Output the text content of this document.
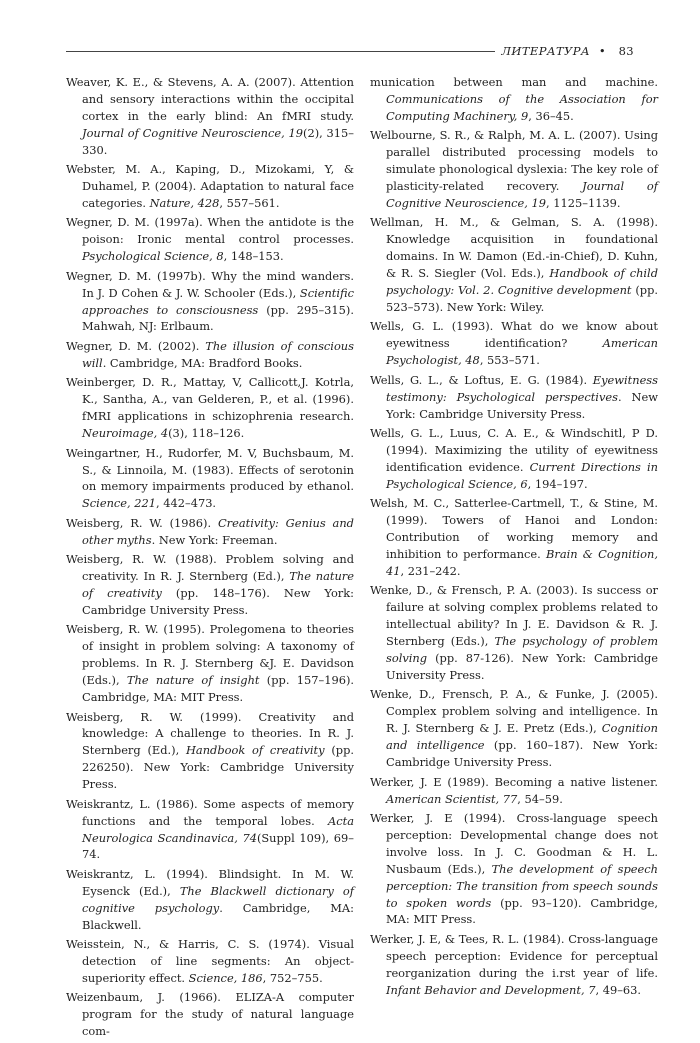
ЛИТЕРАТУРА • 83

Weaver, K. E., & Stevens, A. A. (2007). Attention and sensory interactions within the occipital cortex in the early blind: An fMRI study. Journal of Cognitive Neuroscience, 19(2), 315–330.

Webster, M. A., Kaping, D., Mizokami, Y, & Duhamel, P. (2004). Adaptation to natural face categories. Nature, 428, 557–561.

Wegner, D. M. (1997a). When the antidote is the poison: Ironic mental control processes. Psychological Science, 8, 148–153.

Wegner, D. M. (1997b). Why the mind wanders. In J. D Cohen & J. W. Schooler (Eds.), Scientific approaches to consciousness (pp. 295–315). Mahwah, NJ: Erlbaum.

Wegner, D. M. (2002). The illusion of conscious will. Cambridge, MA: Bradford Books.

Weinberger, D. R., Mattay, V, Callicott,J. Kotrla, K., Santha, A., van Gelderen, P., et al. (1996). fMRI applications in schizophrenia research. Neuroimage, 4(3), 118–126.

Weingartner, H., Rudorfer, M. V, Buchsbaum, M. S., & Linnoila, M. (1983). Effects of serotonin on memory impairments produced by ethanol. Science, 221, 442–473.

Weisberg, R. W. (1986). Creativity: Genius and other myths. New York: Freeman.

Weisberg, R. W. (1988). Problem solving and creativity. In R. J. Sternberg (Ed.), The nature of creativity (pp. 148–176). New York: Cambridge University Press.

Weisberg, R. W. (1995). Prolegomena to theories of insight in problem solving: A taxonomy of problems. In R. J. Sternberg &J. E. Davidson (Eds.), The nature of insight (pp. 157–196). Cambridge, MA: MIT Press.

Weisberg, R. W. (1999). Creativity and knowledge: A challenge to theories. In R. J. Sternberg (Ed.), Handbook of creativity (pp. 226250). New York: Cambridge University Press.

Weiskrantz, L. (1986). Some aspects of memory functions and the temporal lobes. Acta Neurologica Scandinavica, 74(Suppl 109), 69–74.

Weiskrantz, L. (1994). Blindsight. In M. W. Eysenck (Ed.), The Blackwell dictionary of cognitive psychology. Cambridge, MA: Blackwell.

Weisstein, N., & Harris, C. S. (1974). Visual detection of line segments: An object-superiority effect. Science, 186, 752–755.

Weizenbaum, J. (1966). ELIZA-A computer program for the study of natural language com-

munication between man and machine. Communications of the Association for Computing Machinery, 9, 36–45.

Welbourne, S. R., & Ralph, M. A. L. (2007). Using parallel distributed processing models to simulate phonological dyslexia: The key role of plasticity-related recovery. Journal of Cognitive Neuroscience, 19, 1125–1139.

Wellman, H. M., & Gelman, S. A. (1998). Knowledge acquisition in foundational domains. In W. Damon (Ed.-in-Chief), D. Kuhn, & R. S. Siegler (Vol. Eds.), Handbook of child psychology: Vol. 2. Cognitive development (pp. 523–573). New York: Wiley.

Wells, G. L. (1993). What do we know about eyewitness identification? American Psychologist, 48, 553–571.

Wells, G. L., & Loftus, E. G. (1984). Eyewitness testimony: Psychological perspectives. New York: Cambridge University Press.

Wells, G. L., Luus, C. A. E., & Windschitl, P D. (1994). Maximizing the utility of eyewitness identification evidence. Current Directions in Psychological Science, 6, 194–197.

Welsh, M. C., Satterlee-Cartmell, T., & Stine, M. (1999). Towers of Hanoi and London: Contribution of working memory and inhibition to performance. Brain & Cognition, 41, 231–242.

Wenke, D., & Frensch, P. A. (2003). Is success or failure at solving complex problems related to intellectual ability? In J. E. Davidson & R. J. Sternberg (Eds.), The psychology of problem solving (pp. 87-126). New York: Cambridge University Press.

Wenke, D., Frensch, P. A., & Funke, J. (2005). Complex problem solving and intelligence. In R. J. Sternberg & J. E. Pretz (Eds.), Cognition and intelligence (pp. 160–187). New York: Cambridge University Press.

Werker, J. E (1989). Becoming a native listener. American Scientist, 77, 54–59.

Werker, J. E (1994). Cross-language speech perception: Developmental change does not involve loss. In J. C. Goodman & H. L. Nusbaum (Eds.), The development of speech perception: The transition from speech sounds to spoken words (pp. 93–120). Cambridge, MA: MIT Press.

Werker, J. E, & Tees, R. L. (1984). Cross-language speech perception: Evidence for perceptual reorganization during the i.rst year of life. Infant Behavior and Development, 7, 49–63.
